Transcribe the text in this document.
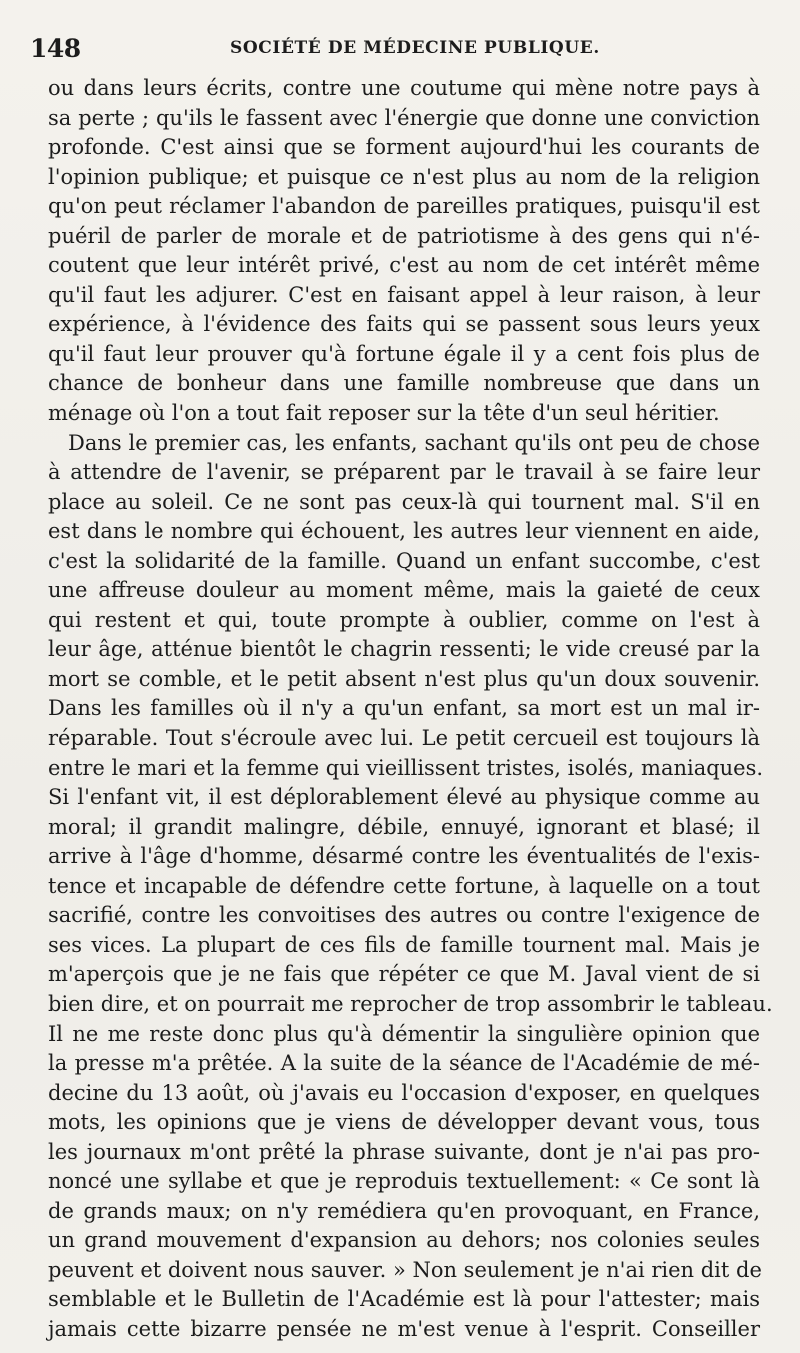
148	SOCIÉTÉ DE MÉDECINE PUBLIQUE.
ou dans leurs écrits, contre une coutume qui mène notre pays à
sa perte ; qu'ils le fassent avec l'énergie que donne une conviction
profonde. C'est ainsi que se forment aujourd'hui les courants de
l'opinion publique; et puisque ce n'est plus au nom de la religion
qu'on peut réclamer l'abandon de pareilles pratiques, puisqu'il est
puéril de parler de morale et de patriotisme à des gens qui n'é-
coutent que leur intérêt privé, c'est au nom de cet intérêt même
qu'il faut les adjurer. C'est en faisant appel à leur raison, à leur
expérience, à l'évidence des faits qui se passent sous leurs yeux
qu'il faut leur prouver qu'à fortune égale il y a cent fois plus de
chance de bonheur dans une famille nombreuse que dans un
ménage où l'on a tout fait reposer sur la tête d'un seul héritier.
Dans le premier cas, les enfants, sachant qu'ils ont peu de chose
à attendre de l'avenir, se préparent par le travail à se faire leur
place au soleil. Ce ne sont pas ceux-là qui tournent mal. S'il en
est dans le nombre qui échouent, les autres leur viennent en aide,
c'est la solidarité de la famille. Quand un enfant succombe, c'est
une affreuse douleur au moment même, mais la gaieté de ceux
qui restent et qui, toute prompte à oublier, comme on l'est à
leur âge, atténue bientôt le chagrin ressenti; le vide creusé par la
mort se comble, et le petit absent n'est plus qu'un doux souvenir.
Dans les familles où il n'y a qu'un enfant, sa mort est un mal ir-
réparable. Tout s'écroule avec lui. Le petit cercueil est toujours là
entre le mari et la femme qui vieillissent tristes, isolés, maniaques.
Si l'enfant vit, il est déplorablement élevé au physique comme au
moral; il grandit malingre, débile, ennuyé, ignorant et blasé; il
arrive à l'âge d'homme, désarmé contre les éventualités de l'exis-
tence et incapable de défendre cette fortune, à laquelle on a tout
sacrifié, contre les convoitises des autres ou contre l'exigence de
ses vices. La plupart de ces fils de famille tournent mal. Mais je
m'aperçois que je ne fais que répéter ce que M. Javal vient de si
bien dire, et on pourrait me reprocher de trop assombrir le tableau.
Il ne me reste donc plus qu'à démentir la singulière opinion que
la presse m'a prêtée. A la suite de la séance de l'Académie de mé-
decine du 13 août, où j'avais eu l'occasion d'exposer, en quelques
mots, les opinions que je viens de développer devant vous, tous
les journaux m'ont prêté la phrase suivante, dont je n'ai pas pro-
noncé une syllabe et que je reproduis textuellement: « Ce sont là
de grands maux; on n'y remédiera qu'en provoquant, en France,
un grand mouvement d'expansion au dehors; nos colonies seules
peuvent et doivent nous sauver. » Non seulement je n'ai rien dit de
semblable et le Bulletin de l'Académie est là pour l'attester; mais
jamais cette bizarre pensée ne m'est venue à l'esprit. Conseiller
